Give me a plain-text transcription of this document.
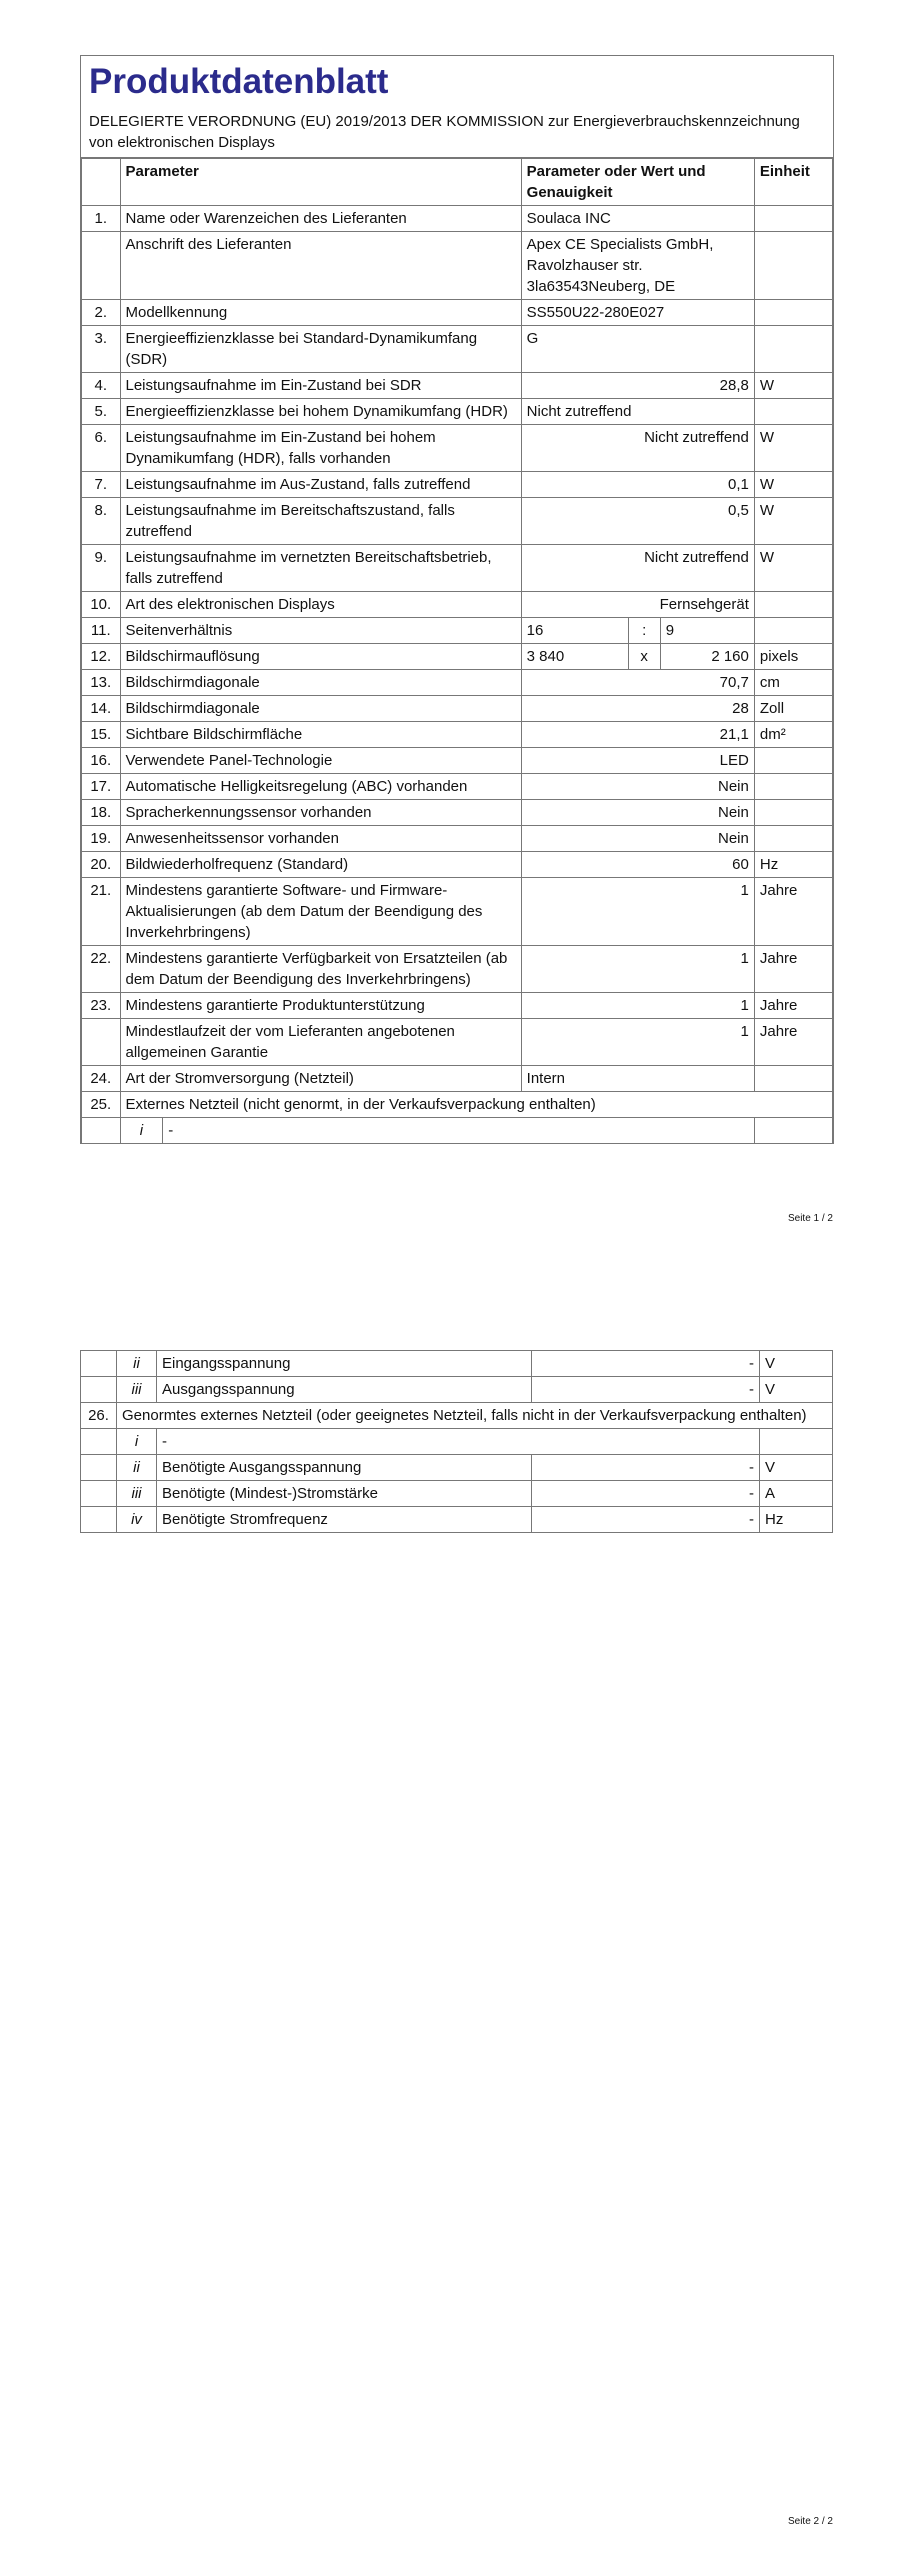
Produktdatenblatt
DELEGIERTE VERORDNUNG (EU) 2019/2013 DER KOMMISSION zur Energieverbrauchskennzeichnung von elektronischen Displays
	Parameter		Parameter oder Wert und Genauigkeit			Einheit
1.	Name oder Warenzeichen des Lieferanten		Soulaca INC			
	Anschrift des Lieferanten		Apex CE Specialists GmbH, Ravolzhauser str. 3la63543Neuberg, DE			
2.	Modellkennung		SS550U22-280E027			
3.	Energieeffizienzklasse bei Standard-Dynamikumfang (SDR)		G			
4.	Leistungsaufnahme im Ein-Zustand bei SDR		28,8			W
5.	Energieeffizienzklasse bei hohem Dynamikumfang (HDR)		Nicht zutreffend			
6.	Leistungsaufnahme im Ein-Zustand bei hohem Dynamikumfang (HDR), falls vorhanden		Nicht zutreffend			W
7.	Leistungsaufnahme im Aus-Zustand, falls zutreffend		0,1			W
8.	Leistungsaufnahme im Bereitschaftszustand, falls zutreffend		0,5			W
9.	Leistungsaufnahme im vernetzten Bereitschaftsbetrieb, falls zutreffend		Nicht zutreffend			W
10.	Art des elektronischen Displays		Fernsehgerät			
11.	Seitenverhältnis		16	:	9	
12.	Bildschirmauflösung		3 840	x	2 160	pixels
13.	Bildschirmdiagonale		70,7			cm
14.	Bildschirmdiagonale		28			Zoll
15.	Sichtbare Bildschirmfläche		21,1			dm²
16.	Verwendete Panel-Technologie		LED			
17.	Automatische Helligkeitsregelung (ABC) vorhanden		Nein			
18.	Spracherkennungssensor vorhanden		Nein			
19.	Anwesenheitssensor vorhanden		Nein			
20.	Bildwiederholfrequenz (Standard)		60			Hz
21.	Mindestens garantierte Software- und Firmware-Aktualisierungen (ab dem Datum der Beendigung des Inverkehrbringens)		1			Jahre
22.	Mindestens garantierte Verfügbarkeit von Ersatzteilen (ab dem Datum der Beendigung des Inverkehrbringens)		1			Jahre
23.	Mindestens garantierte Produktunterstützung		1			Jahre
	Mindestlaufzeit der vom Lieferanten angebotenen allgemeinen Garantie		1			Jahre
24.	Art der Stromversorgung (Netzteil)		Intern			
25.	Externes Netzteil (nicht genormt, in der Verkaufsverpackung enthalten)					
	i	-				
Seite 1 / 2
	ii	Eingangsspannung	-	V
	iii	Ausgangsspannung	-	V
26.	Genormtes externes Netzteil (oder geeignetes Netzteil, falls nicht in der Verkaufsverpackung enthalten)			
	i	-		
	ii	Benötigte Ausgangsspannung	-	V
	iii	Benötigte (Mindest-)Stromstärke	-	A
	iv	Benötigte Stromfrequenz	-	Hz
Seite 2 / 2
